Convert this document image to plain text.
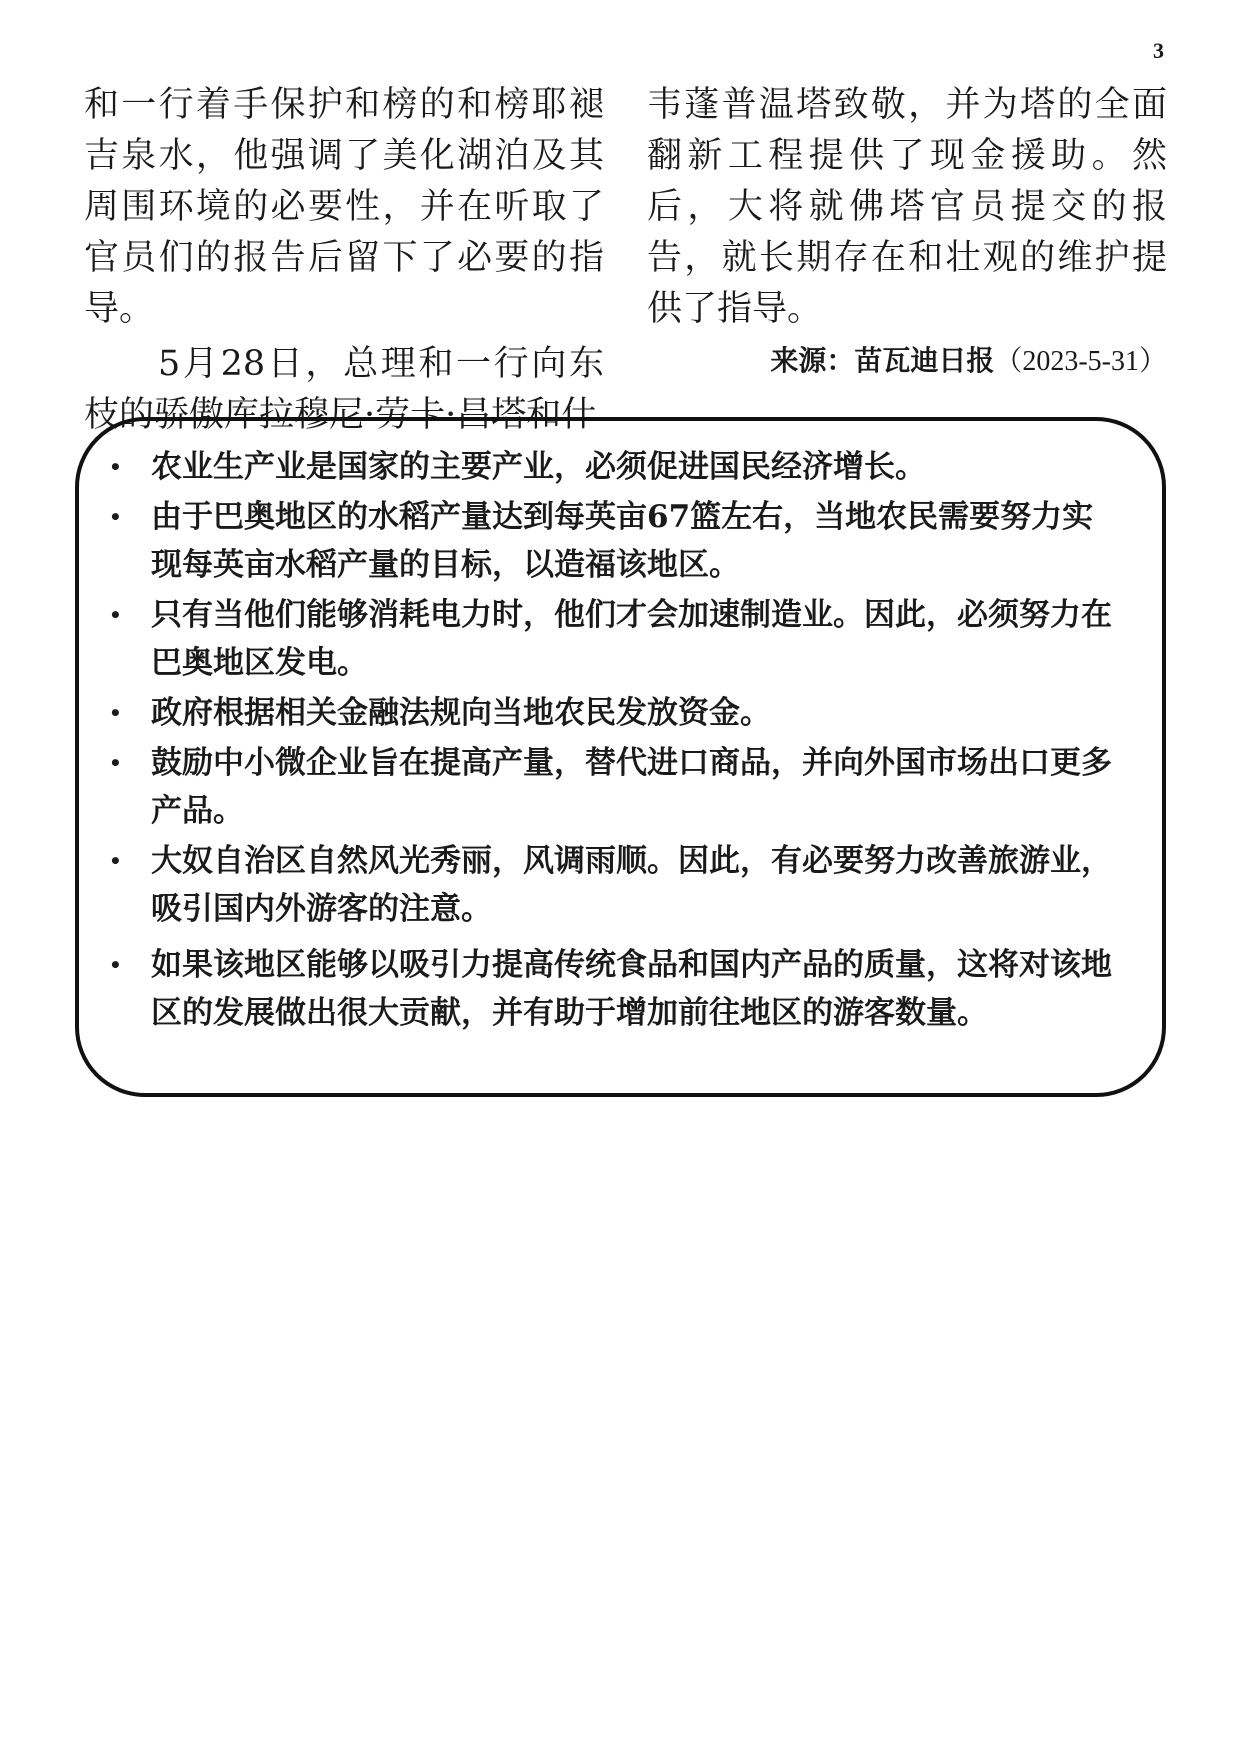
3

和一行着手保护和榜的和榜耶褪吉泉水，他强调了美化湖泊及其周围环境的必要性，并在听取了官员们的报告后留下了必要的指导。

5月28日，总理和一行向东枝的骄傲库拉穆尼·劳卡·昌塔和什

韦蓬普温塔致敬，并为塔的全面翻新工程提供了现金援助。然后，大将就佛塔官员提交的报告，就长期存在和壮观的维护提供了指导。

来源：苗瓦迪日报（2023-5-31）
• 农业生产业是国家的主要产业，必须促进国民经济增长。
• 由于巴奥地区的水稻产量达到每英亩67篮左右，当地农民需要努力实现每英亩水稻产量的目标，以造福该地区。
• 只有当他们能够消耗电力时，他们才会加速制造业。因此，必须努力在巴奥地区发电。
• 政府根据相关金融法规向当地农民发放资金。
• 鼓励中小微企业旨在提高产量，替代进口商品，并向外国市场出口更多产品。
• 大奴自治区自然风光秀丽，风调雨顺。因此，有必要努力改善旅游业，吸引国内外游客的注意。
• 如果该地区能够以吸引力提高传统食品和国内产品的质量，这将对该地区的发展做出很大贡献，并有助于增加前往地区的游客数量。
